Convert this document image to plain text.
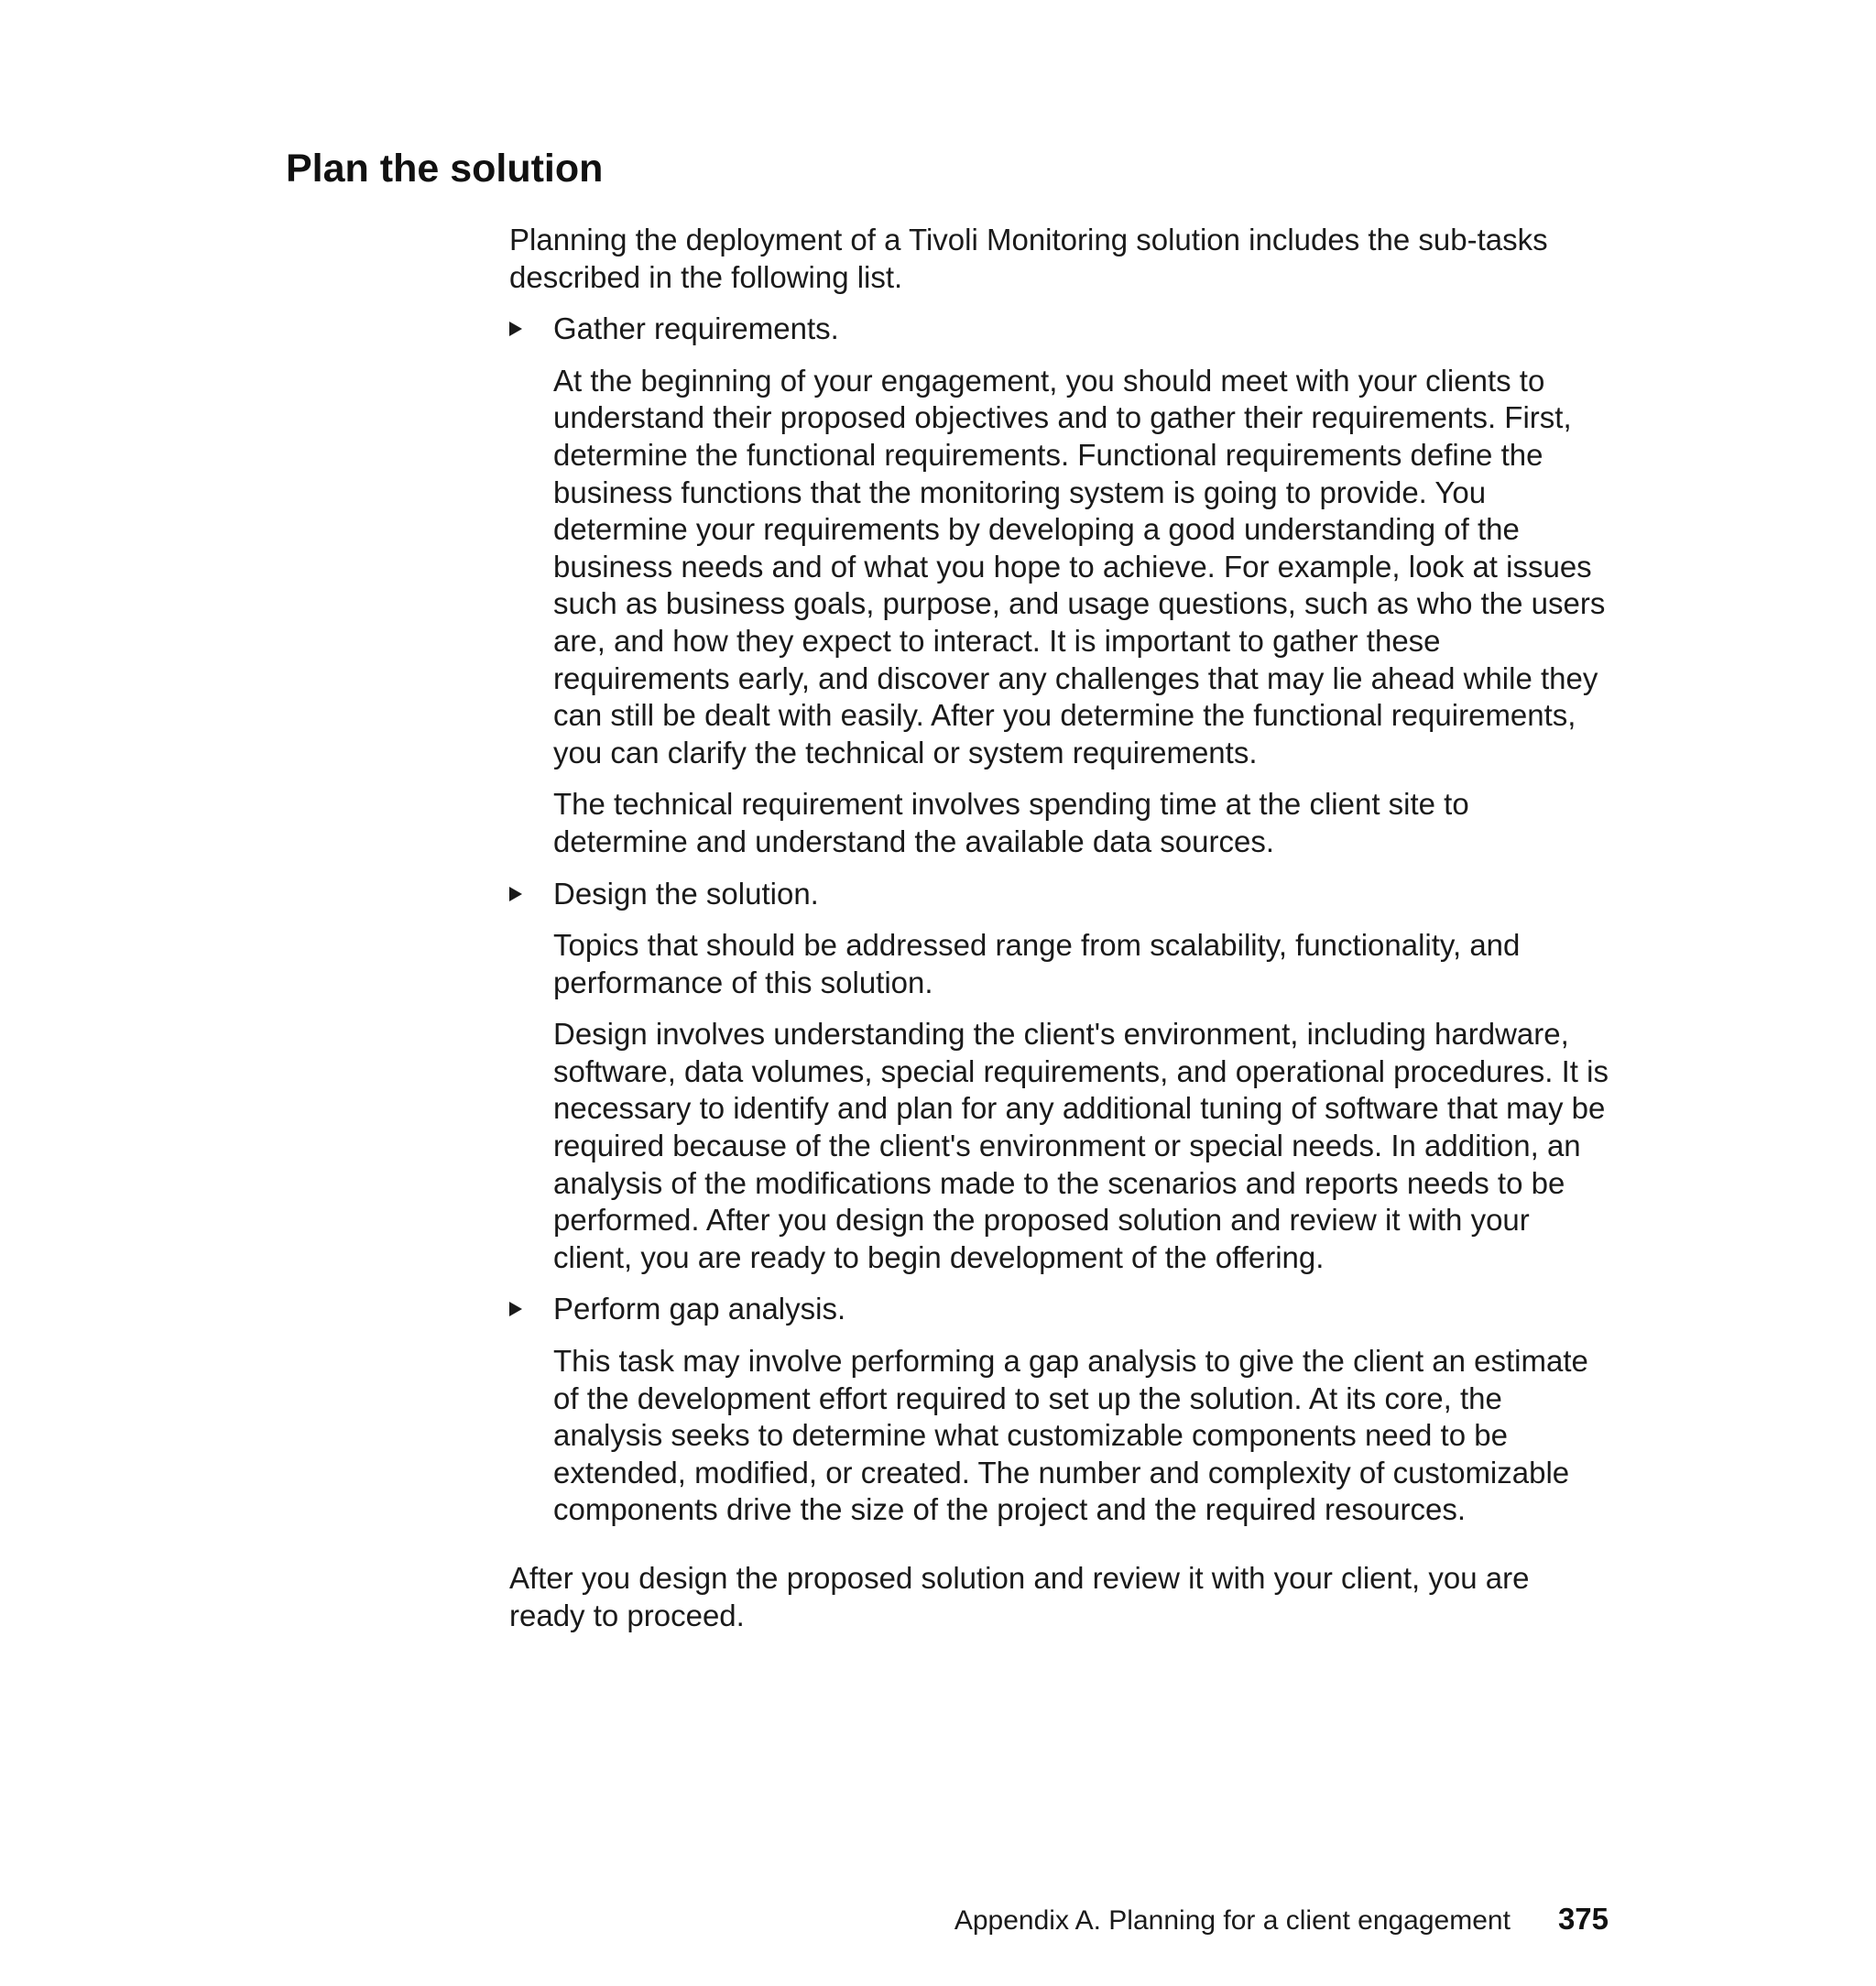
Plan the solution

Planning the deployment of a Tivoli Monitoring solution includes the sub-tasks described in the following list.

Gather requirements.

At the beginning of your engagement, you should meet with your clients to understand their proposed objectives and to gather their requirements. First, determine the functional requirements. Functional requirements define the business functions that the monitoring system is going to provide. You determine your requirements by developing a good understanding of the business needs and of what you hope to achieve. For example, look at issues such as business goals, purpose, and usage questions, such as who the users are, and how they expect to interact. It is important to gather these requirements early, and discover any challenges that may lie ahead while they can still be dealt with easily. After you determine the functional requirements, you can clarify the technical or system requirements.

The technical requirement involves spending time at the client site to determine and understand the available data sources.

Design the solution.

Topics that should be addressed range from scalability, functionality, and performance of this solution.

Design involves understanding the client's environment, including hardware, software, data volumes, special requirements, and operational procedures. It is necessary to identify and plan for any additional tuning of software that may be required because of the client's environment or special needs. In addition, an analysis of the modifications made to the scenarios and reports needs to be performed. After you design the proposed solution and review it with your client, you are ready to begin development of the offering.

Perform gap analysis.

This task may involve performing a gap analysis to give the client an estimate of the development effort required to set up the solution. At its core, the analysis seeks to determine what customizable components need to be extended, modified, or created. The number and complexity of customizable components drive the size of the project and the required resources.

After you design the proposed solution and review it with your client, you are ready to proceed.

Appendix A. Planning for a client engagement 375
